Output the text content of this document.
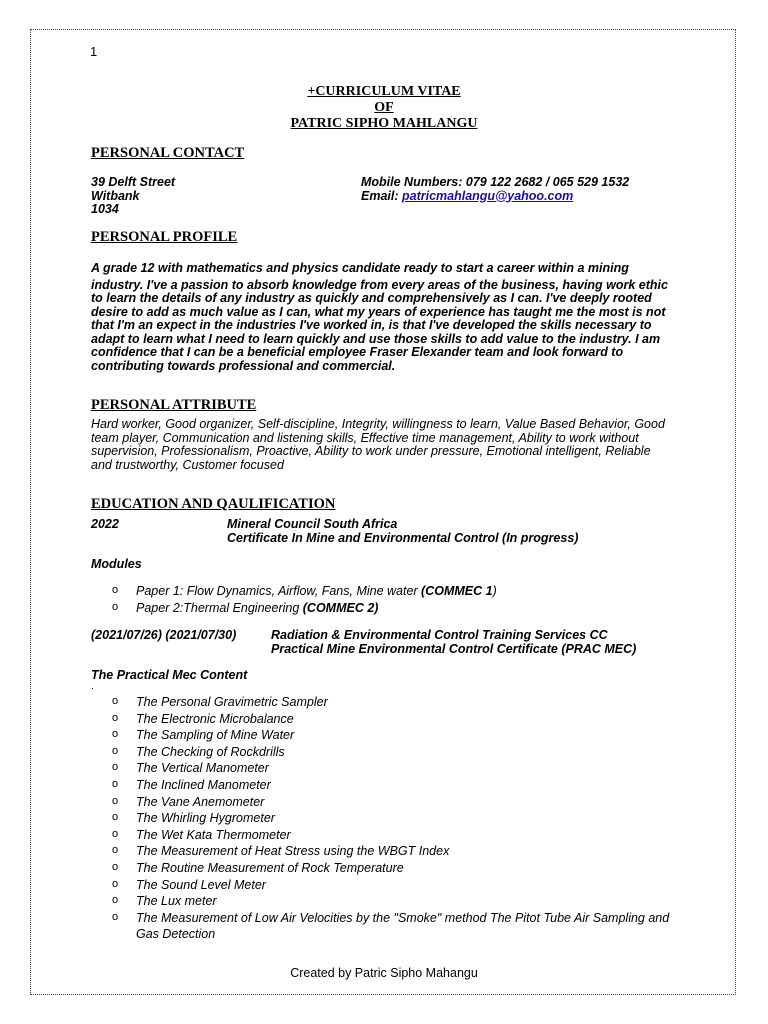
1
+CURRICULUM VITAE
OF
PATRIC SIPHO MAHLANGU
PERSONAL CONTACT
39 Delft Street
Witbank
1034
Mobile Numbers: 079 122 2682 / 065 529 1532
Email: patricmahlangu@yahoo.com
PERSONAL PROFILE
A grade 12 with mathematics and physics candidate ready to start a career within a mining
industry. I've a passion to absorb knowledge from every areas of the business, having work ethic
to learn the details of any industry as quickly and comprehensively as I can. I've deeply rooted
desire to add as much value as I can, what my years of experience has taught me the most is not
that I'm an expect in the industries I've worked in, is that I've developed the skills necessary to
adapt to learn what I need to learn quickly and use those skills to add value to the industry. I am
confidence that I can be a beneficial employee Fraser Elexander team and look forward to
contributing towards professional and commercial.
PERSONAL ATTRIBUTE
Hard worker, Good organizer, Self-discipline, Integrity, willingness to learn, Value Based Behavior, Good
team player, Communication and listening skills, Effective time management, Ability to work without
supervision, Professionalism, Proactive, Ability to work under pressure, Emotional intelligent, Reliable
and trustworthy, Customer focused
EDUCATION AND QAULIFICATION
2022	Mineral Council South Africa
Certificate In Mine and Environmental Control (In progress)
Modules
o Paper 1: Flow Dynamics, Airflow, Fans, Mine water (COMMEC 1)
o Paper 2:Thermal Engineering (COMMEC 2)
(2021/07/26) (2021/07/30)	Radiation & Environmental Control Training Services CC
Practical Mine Environmental Control Certificate (PRAC MEC)
The Practical Mec Content
.
o The Personal Gravimetric Sampler
o The Electronic Microbalance
o The Sampling of Mine Water
o The Checking of Rockdrills
o The Vertical Manometer
o The Inclined Manometer
o The Vane Anemometer
o The Whirling Hygrometer
o The Wet Kata Thermometer
o The Measurement of Heat Stress using the WBGT Index
o The Routine Measurement of Rock Temperature
o The Sound Level Meter
o The Lux meter
o The Measurement of Low Air Velocities by the "Smoke" method The Pitot Tube Air Sampling and
Gas Detection
Created by Patric Sipho Mahangu
